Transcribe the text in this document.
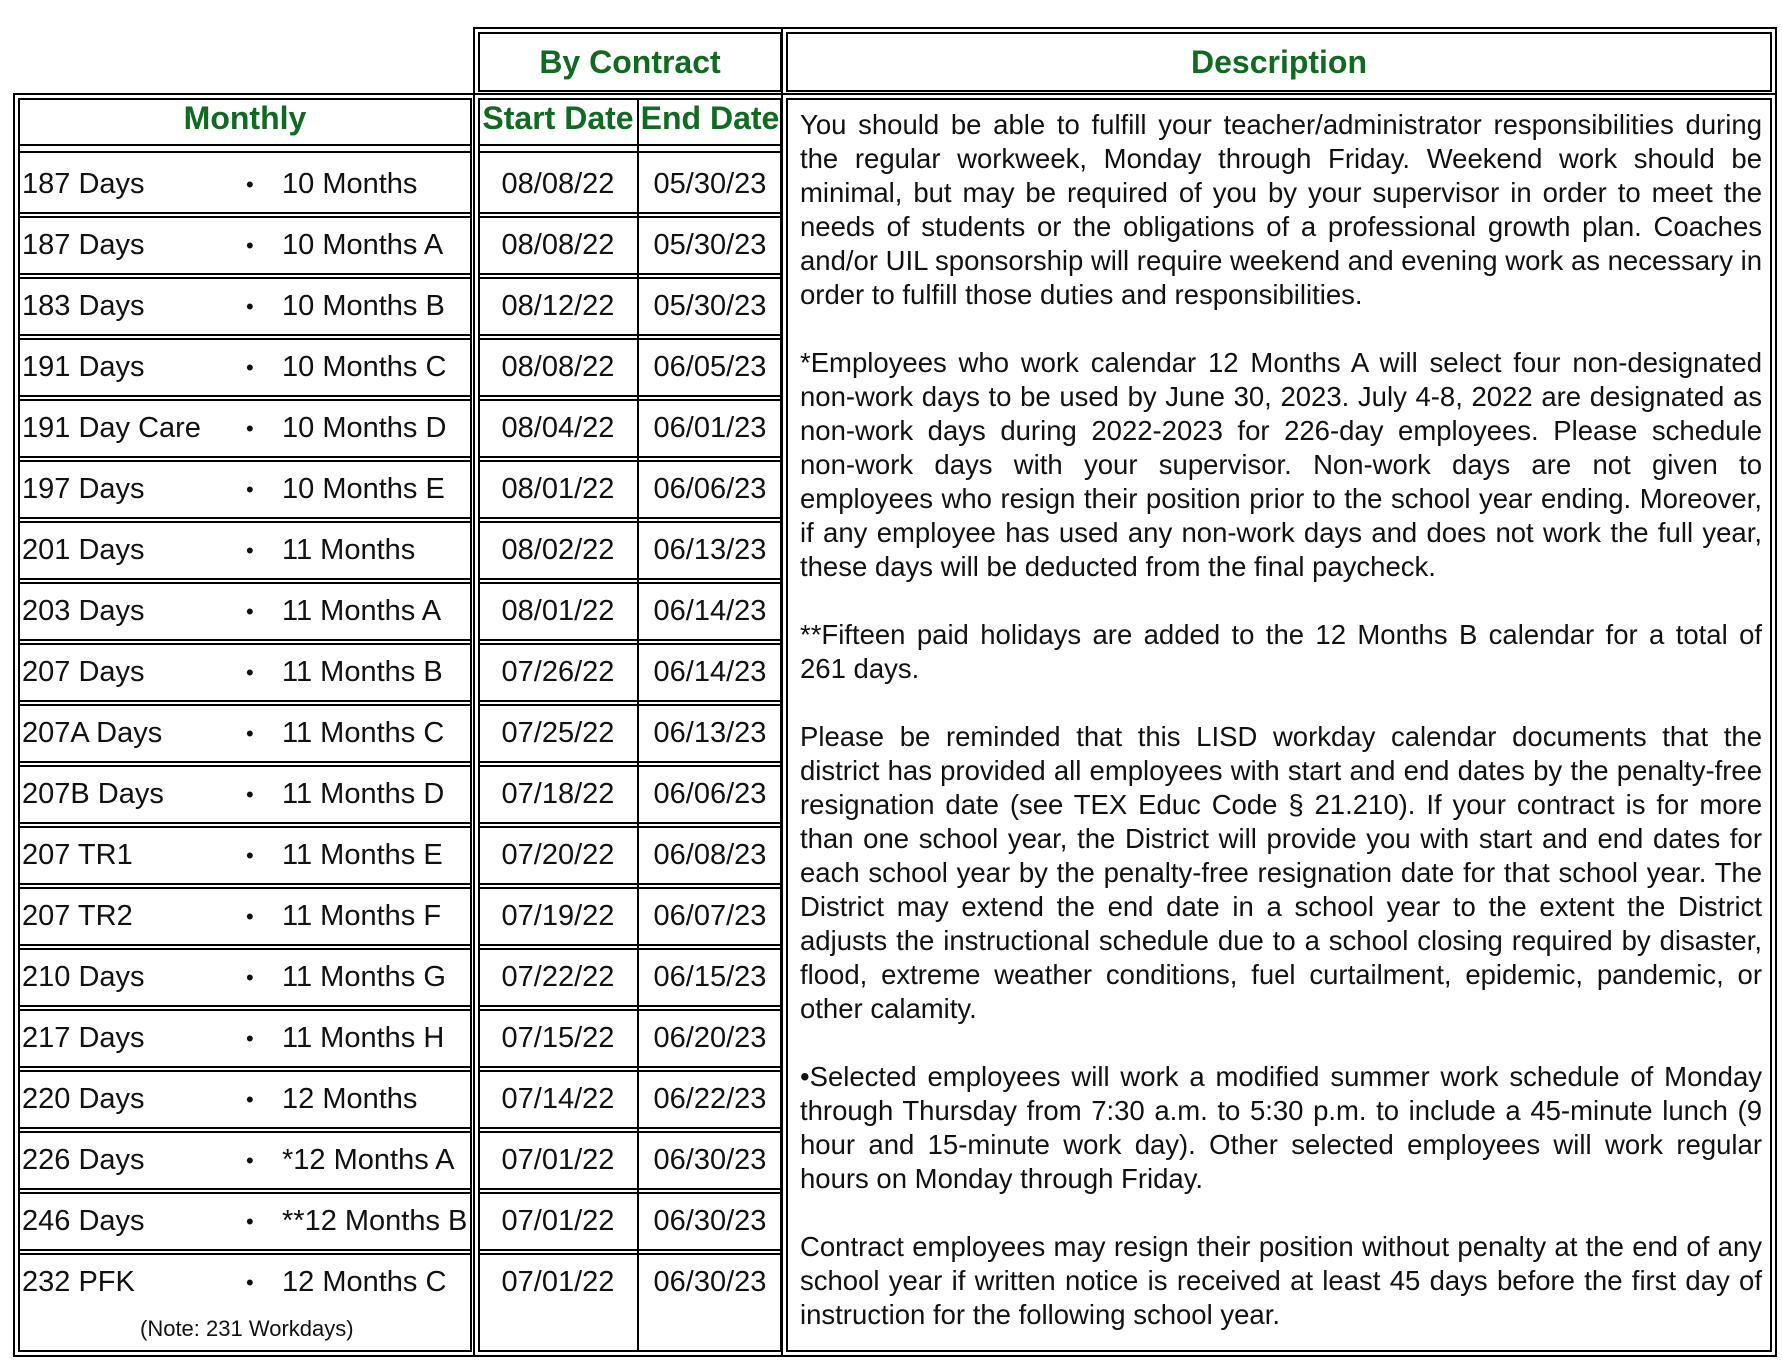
By Contract	Description
Monthly	Start Date End Date
187 Days	• 10 Months	08/08/22	05/30/23
187 Days	• 10 Months A	08/08/22	05/30/23
183 Days	• 10 Months B	08/12/22	05/30/23
191 Days	• 10 Months C	08/08/22	06/05/23
191 Day Care • 10 Months D	08/04/22	06/01/23
197 Days	• 10 Months E	08/01/22	06/06/23
201 Days	• 11 Months	08/02/22	06/13/23
203 Days	• 11 Months A	08/01/22	06/14/23
207 Days	• 11 Months B	07/26/22	06/14/23
207A Days	• 11 Months C	07/25/22	06/13/23
207B Days	• 11 Months D	07/18/22	06/06/23
207 TR1	• 11 Months E	07/20/22	06/08/23
207 TR2	• 11 Months F	07/19/22	06/07/23
210 Days	• 11 Months G	07/22/22	06/15/23
217 Days	• 11 Months H	07/15/22	06/20/23
220 Days	• 12 Months	07/14/22	06/22/23
226 Days	• *12 Months A	07/01/22	06/30/23
246 Days	• **12 Months B	07/01/22	06/30/23
232 PFK	• 12 Months C	07/01/22	06/30/23
(Note: 231 Workdays)

You should be able to fulfill your teacher/administrator responsibilities during the regular workweek, Monday through Friday. Weekend work should be minimal, but may be required of you by your supervisor in order to meet the needs of students or the obligations of a professional growth plan. Coaches and/or UIL sponsorship will require weekend and evening work as necessary in order to fulfill those duties and responsibilities.

*Employees who work calendar 12 Months A will select four non-designated non-work days to be used by June 30, 2023. July 4-8, 2022 are designated as non-work days during 2022-2023 for 226-day employees. Please schedule non-work days with your supervisor. Non-work days are not given to employees who resign their position prior to the school year ending. Moreover, if any employee has used any non-work days and does not work the full year, these days will be deducted from the final paycheck.

**Fifteen paid holidays are added to the 12 Months B calendar for a total of 261 days.

Please be reminded that this LISD workday calendar documents that the district has provided all employees with start and end dates by the penalty-free resignation date (see TEX Educ Code § 21.210). If your contract is for more than one school year, the District will provide you with start and end dates for each school year by the penalty-free resignation date for that school year. The District may extend the end date in a school year to the extent the District adjusts the instructional schedule due to a school closing required by disaster, flood, extreme weather conditions, fuel curtailment, epidemic, pandemic, or other calamity.

•Selected employees will work a modified summer work schedule of Monday through Thursday from 7:30 a.m. to 5:30 p.m. to include a 45-minute lunch (9 hour and 15-minute work day). Other selected employees will work regular hours on Monday through Friday.

Contract employees may resign their position without penalty at the end of any school year if written notice is received at least 45 days before the first day of instruction for the following school year.
